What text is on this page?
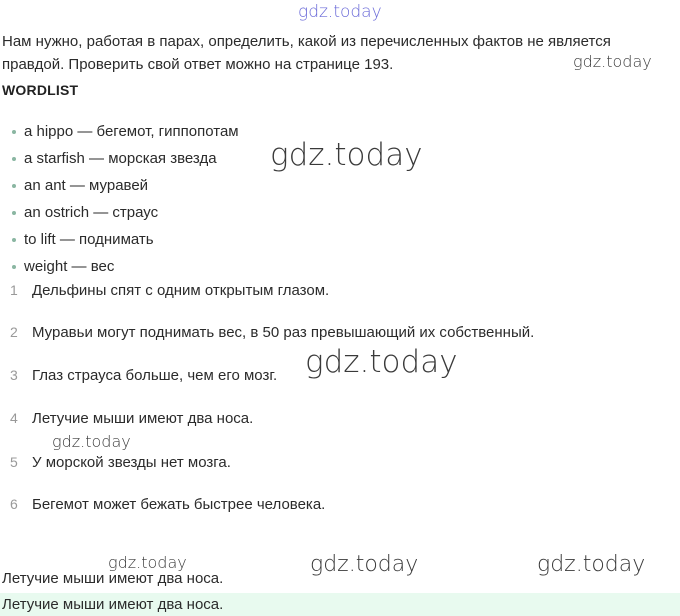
gdz.today
gdz.today
gdz.today
gdz.today
gdz.today
gdz.today	gdz.today	gdz.today
Нам нужно, работая в парах, определить, какой из перечисленных фактов не является правдой. Проверить свой ответ можно на странице 193.
WORDLIST
a hippo — бегемот, гиппопотам
a starfish — морская звезда
an ant — муравей
an ostrich — страус
to lift — поднимать
weight — вес
1 Дельфины спят с одним открытым глазом.
2 Муравьи могут поднимать вес, в 50 раз превышающий их собственный.
3 Глаз страуса больше, чем его мозг.
4 Летучие мыши имеют два носа.
5 У морской звезды нет мозга.
6 Бегемот может бежать быстрее человека.
Летучие мыши имеют два носа.
Летучие мыши имеют два носа.
